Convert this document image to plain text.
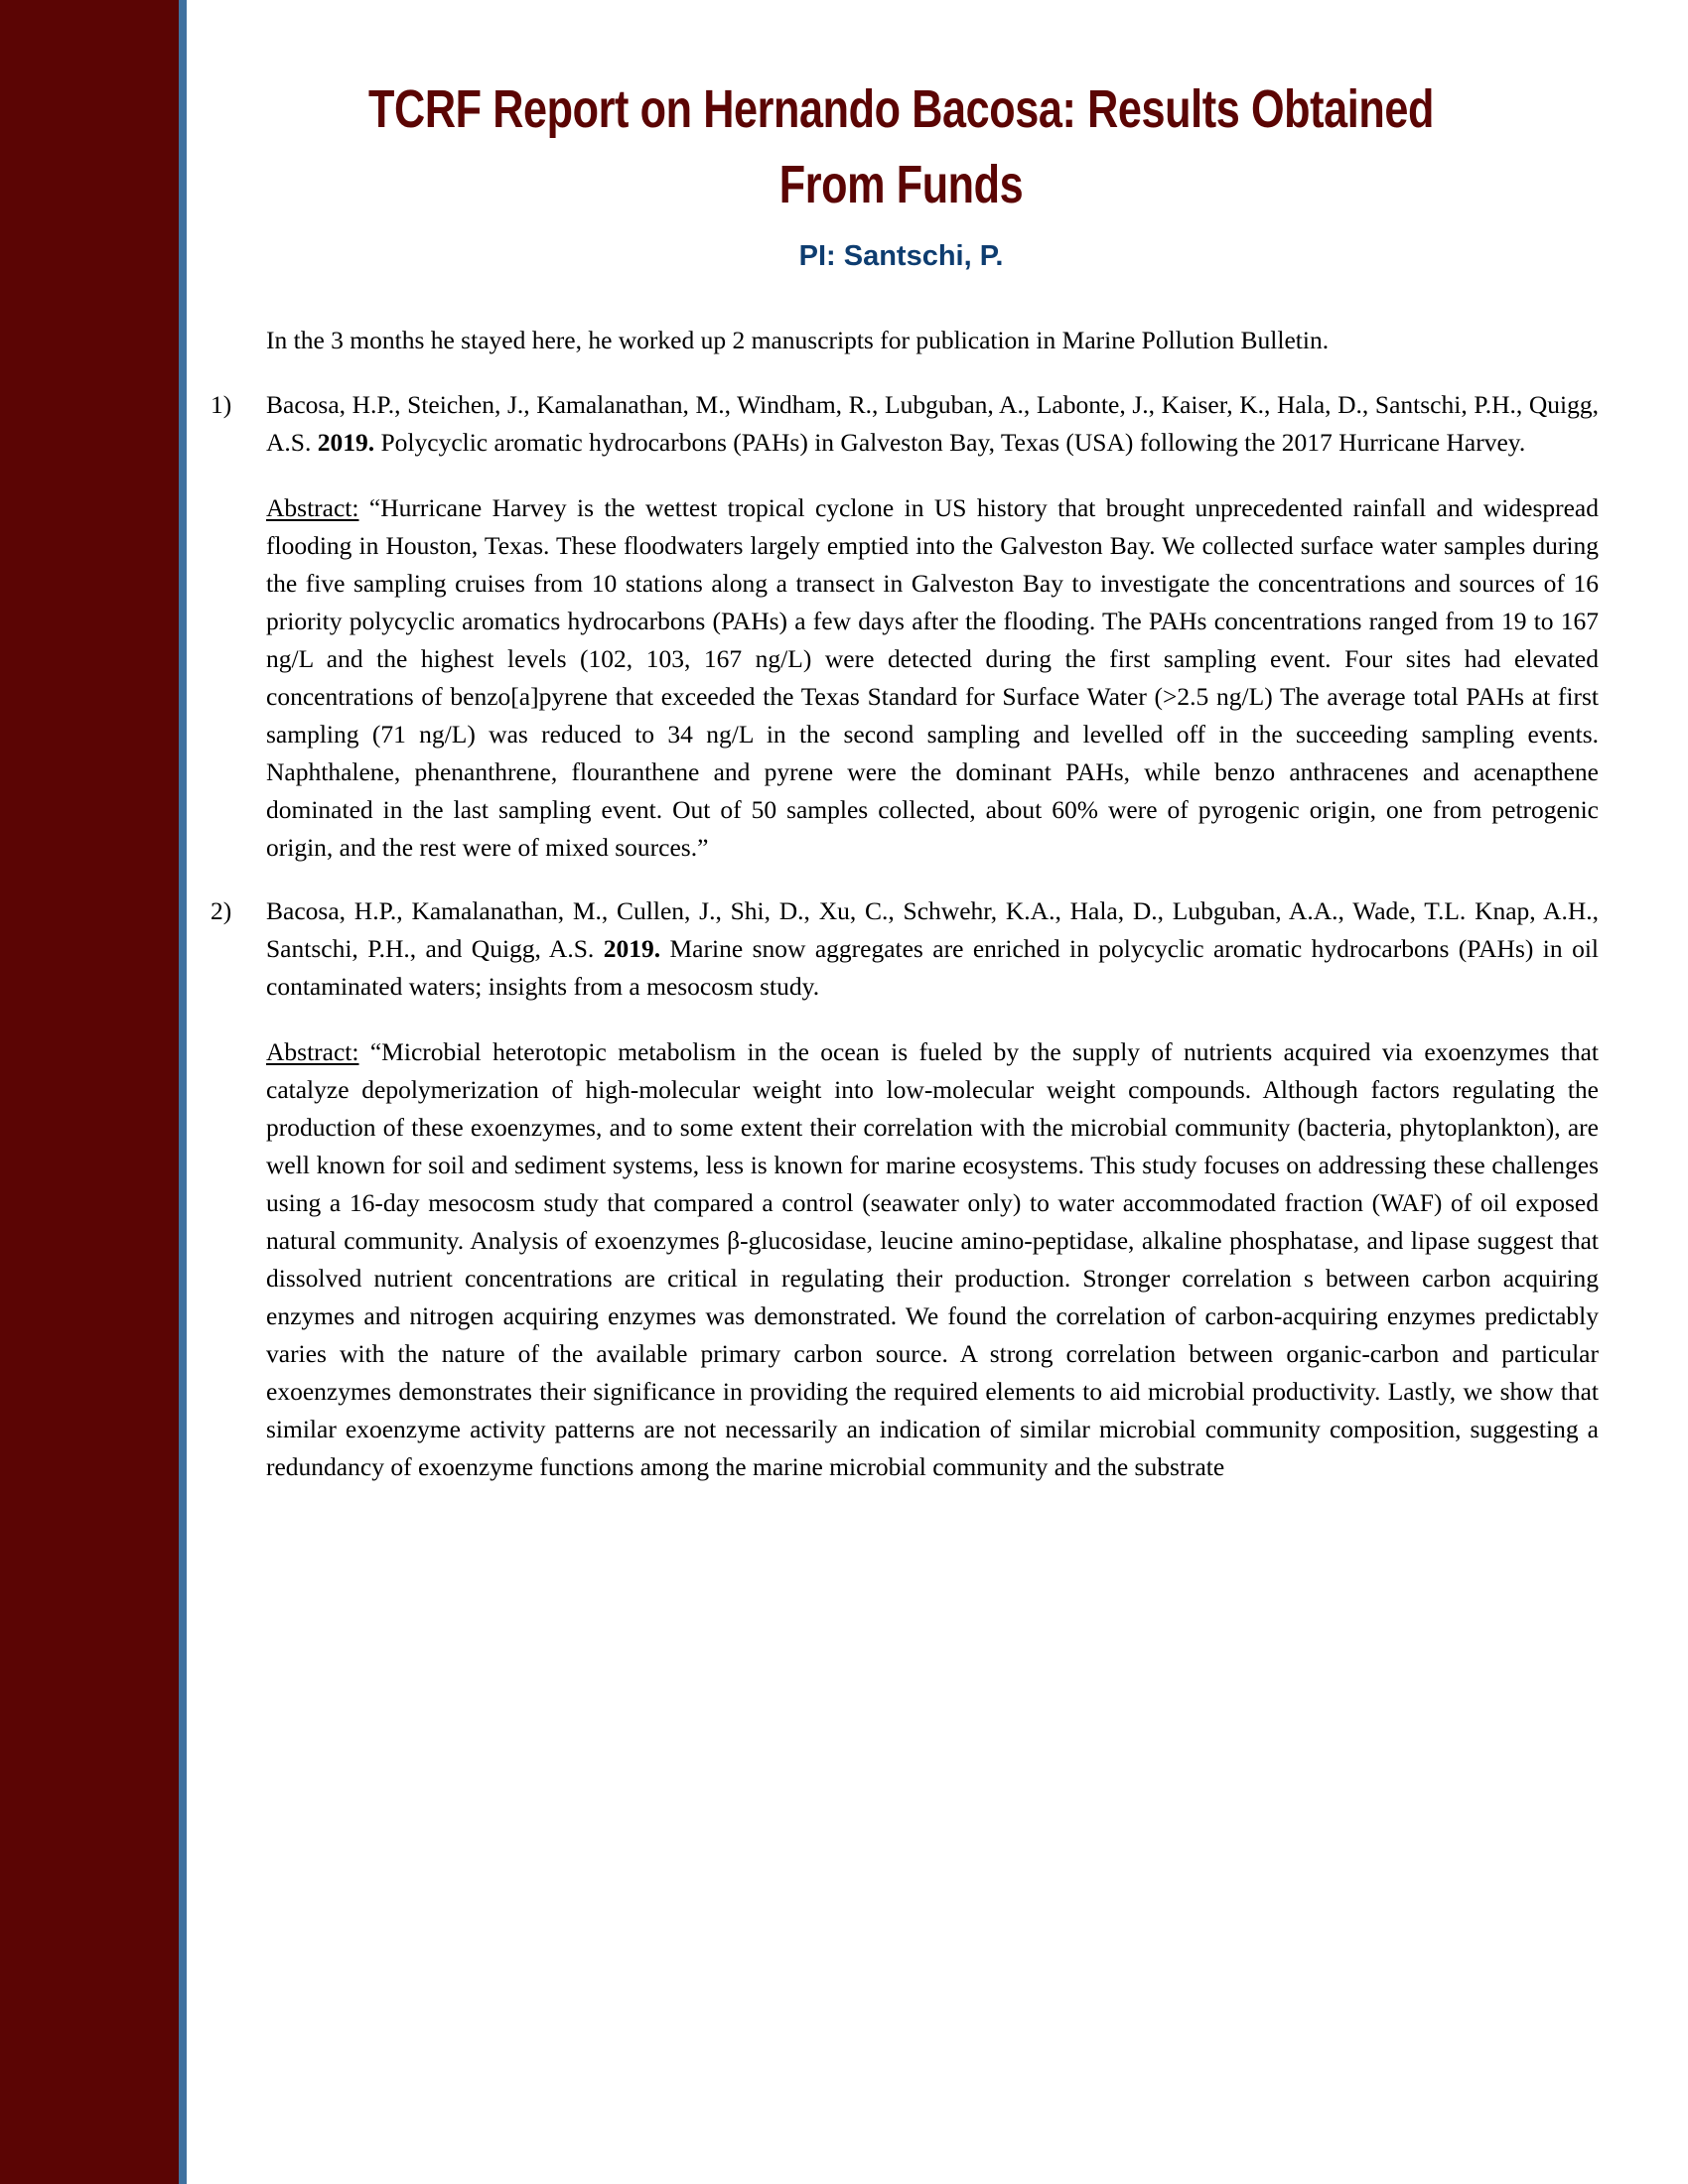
TCRF Report on Hernando Bacosa: Results Obtained From Funds
PI: Santschi, P.

In the 3 months he stayed here, he worked up 2 manuscripts for publication in Marine Pollution Bulletin.

1)	Bacosa, H.P., Steichen, J., Kamalanathan, M., Windham, R., Lubguban, A., Labonte, J., Kaiser, K., Hala, D., Santschi, P.H., Quigg, A.S. 2019. Polycyclic aromatic hydrocarbons (PAHs) in Galveston Bay, Texas (USA) following the 2017 Hurricane Harvey.
Abstract: “Hurricane Harvey is the wettest tropical cyclone in US history that brought unprecedented rainfall and widespread flooding in Houston, Texas. These floodwaters largely emptied into the Galveston Bay. We collected surface water samples during the five sampling cruises from 10 stations along a transect in Galveston Bay to investigate the concentrations and sources of 16 priority polycyclic aromatics hydrocarbons (PAHs) a few days after the flooding. The PAHs concentrations ranged from 19 to 167 ng/L and the highest levels (102, 103, 167 ng/L) were detected during the first sampling event. Four sites had elevated concentrations of benzo[a]pyrene that exceeded the Texas Standard for Surface Water (>2.5 ng/L) The average total PAHs at first sampling (71 ng/L) was reduced to 34 ng/L in the second sampling and levelled off in the succeeding sampling events. Naphthalene, phenanthrene, flouranthene and pyrene were the dominant PAHs, while benzo anthracenes and acenapthene dominated in the last sampling event. Out of 50 samples collected, about 60% were of pyrogenic origin, one from petrogenic origin, and the rest were of mixed sources.”
2)	Bacosa, H.P., Kamalanathan, M., Cullen, J., Shi, D., Xu, C., Schwehr, K.A., Hala, D., Lubguban, A.A., Wade, T.L. Knap, A.H., Santschi, P.H., and Quigg, A.S. 2019. Marine snow aggregates are enriched in polycyclic aromatic hydrocarbons (PAHs) in oil contaminated waters; insights from a mesocosm study.
Abstract: “Microbial heterotopic metabolism in the ocean is fueled by the supply of nutrients acquired via exoenzymes that catalyze depolymerization of high-molecular weight into low-molecular weight compounds. Although factors regulating the production of these exoenzymes, and to some extent their correlation with the microbial community (bacteria, phytoplankton), are well known for soil and sediment systems, less is known for marine ecosystems. This study focuses on addressing these challenges using a 16-day mesocosm study that compared a control (seawater only) to water accommodated fraction (WAF) of oil exposed natural community. Analysis of exoenzymes β-glucosidase, leucine amino-peptidase, alkaline phosphatase, and lipase suggest that dissolved nutrient concentrations are critical in regulating their production. Stronger correlation s between carbon acquiring enzymes and nitrogen acquiring enzymes was demonstrated. We found the correlation of carbon-acquiring enzymes predictably varies with the nature of the available primary carbon source. A strong correlation between organic-carbon and particular exoenzymes demonstrates their significance in providing the required elements to aid microbial productivity. Lastly, we show that similar exoenzyme activity patterns are not necessarily an indication of similar microbial community composition, suggesting a redundancy of exoenzyme functions among the marine microbial community and the substrate
